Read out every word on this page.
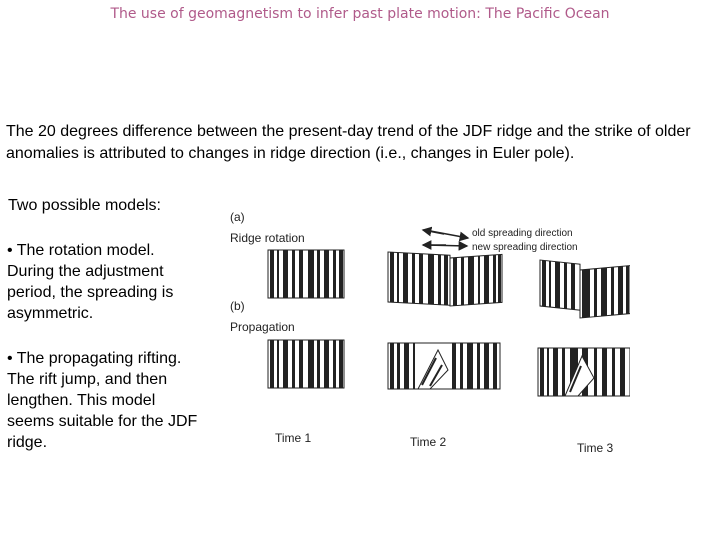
The use of geomagnetism to infer past plate motion: The Pacific Ocean
The 20 degrees difference between the present-day trend of the JDF ridge and the strike of older anomalies is attributed to changes in ridge direction (i.e., changes in Euler pole).
Two possible models:
• The rotation model. During the adjustment period, the spreading is asymmetric.
• The propagating rifting. The rift jump, and then lengthen. This model seems suitable for the JDF ridge.
(a)
Ridge rotation
(b)
Propagation
old spreading direction
new spreading direction
Time 1	Time 2	Time 3
